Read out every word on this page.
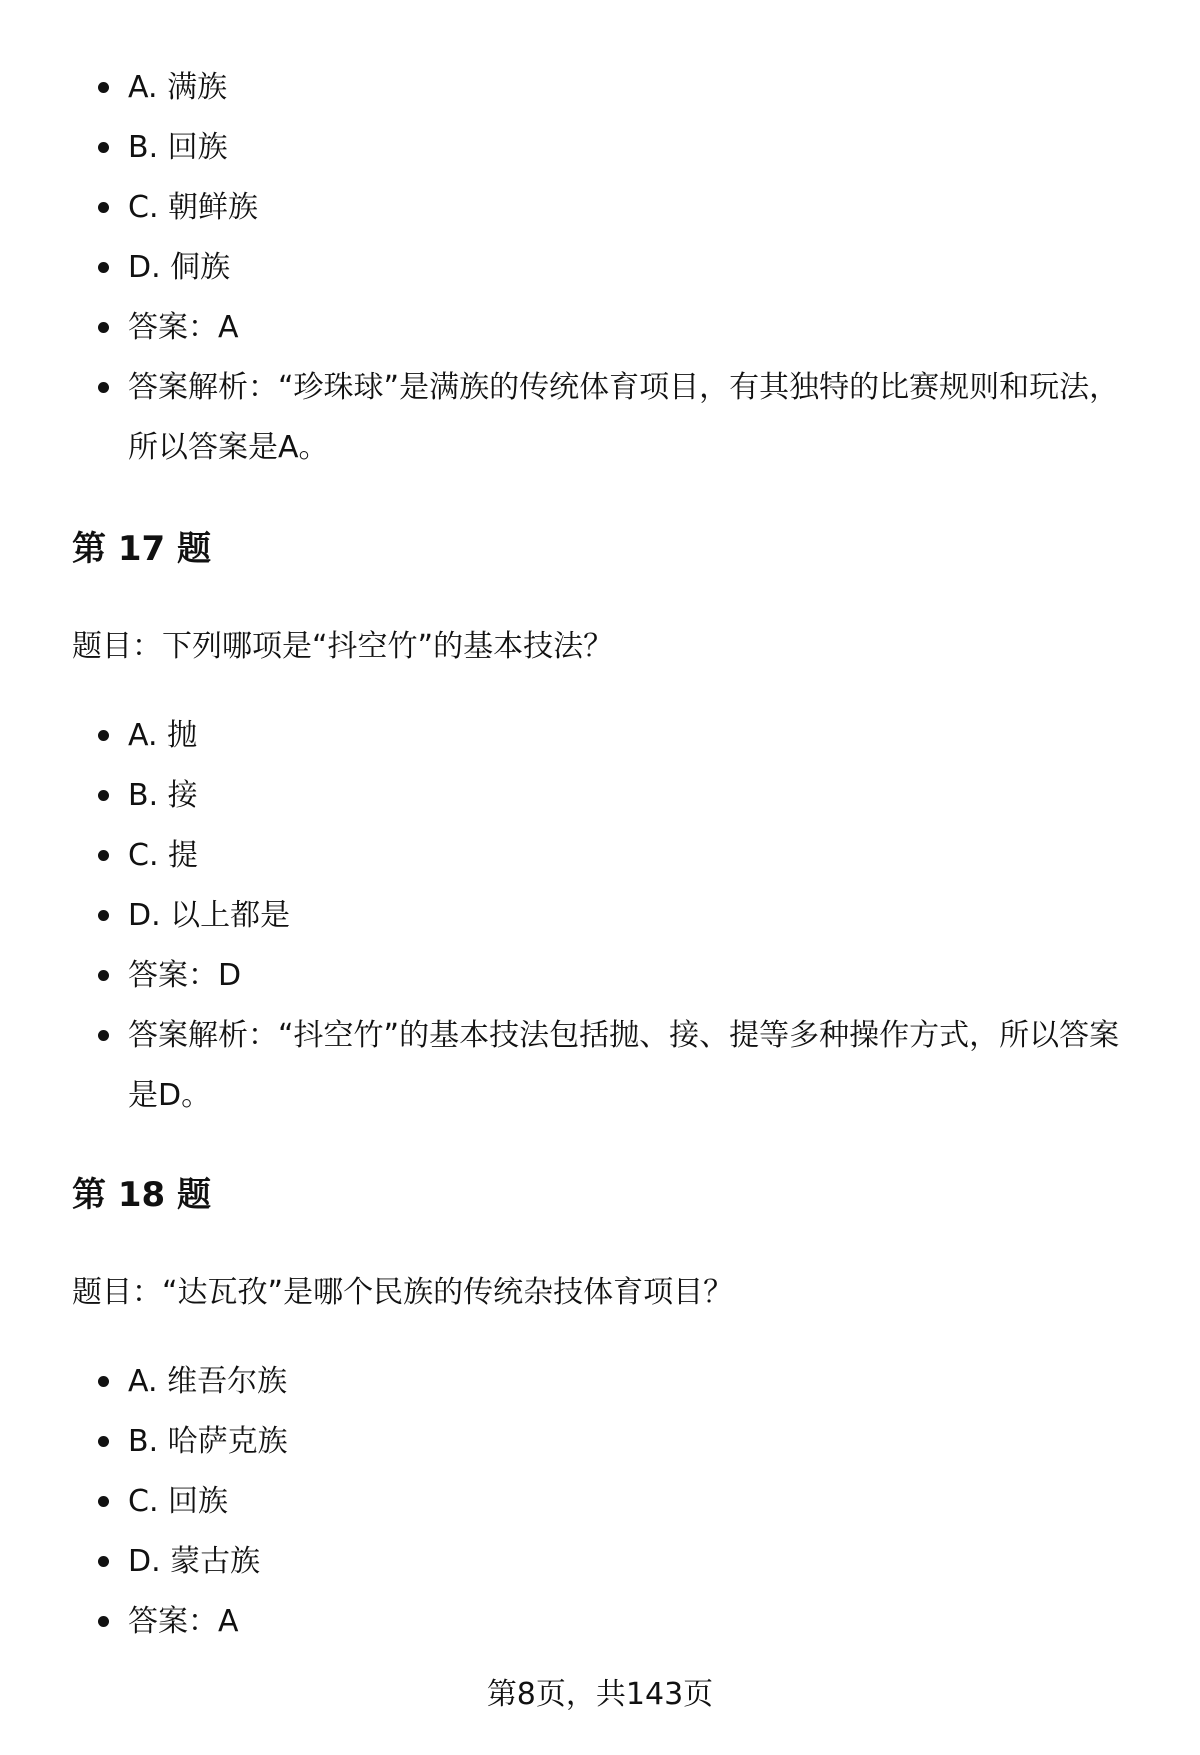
A. 满族
B. 回族
C. 朝鲜族
D. 侗族
答案：A
答案解析：“珍珠球”是满族的传统体育项目，有其独特的比赛规则和玩法，所以答案是A。
第 17 题

题目：下列哪项是“抖空竹”的基本技法？

A. 抛
B. 接
C. 提
D. 以上都是
答案：D
答案解析：“抖空竹”的基本技法包括抛、接、提等多种操作方式，所以答案是D。
第 18 题

题目：“达瓦孜”是哪个民族的传统杂技体育项目？

A. 维吾尔族
B. 哈萨克族
C. 回族
D. 蒙古族
答案：A
第8页，共143页
